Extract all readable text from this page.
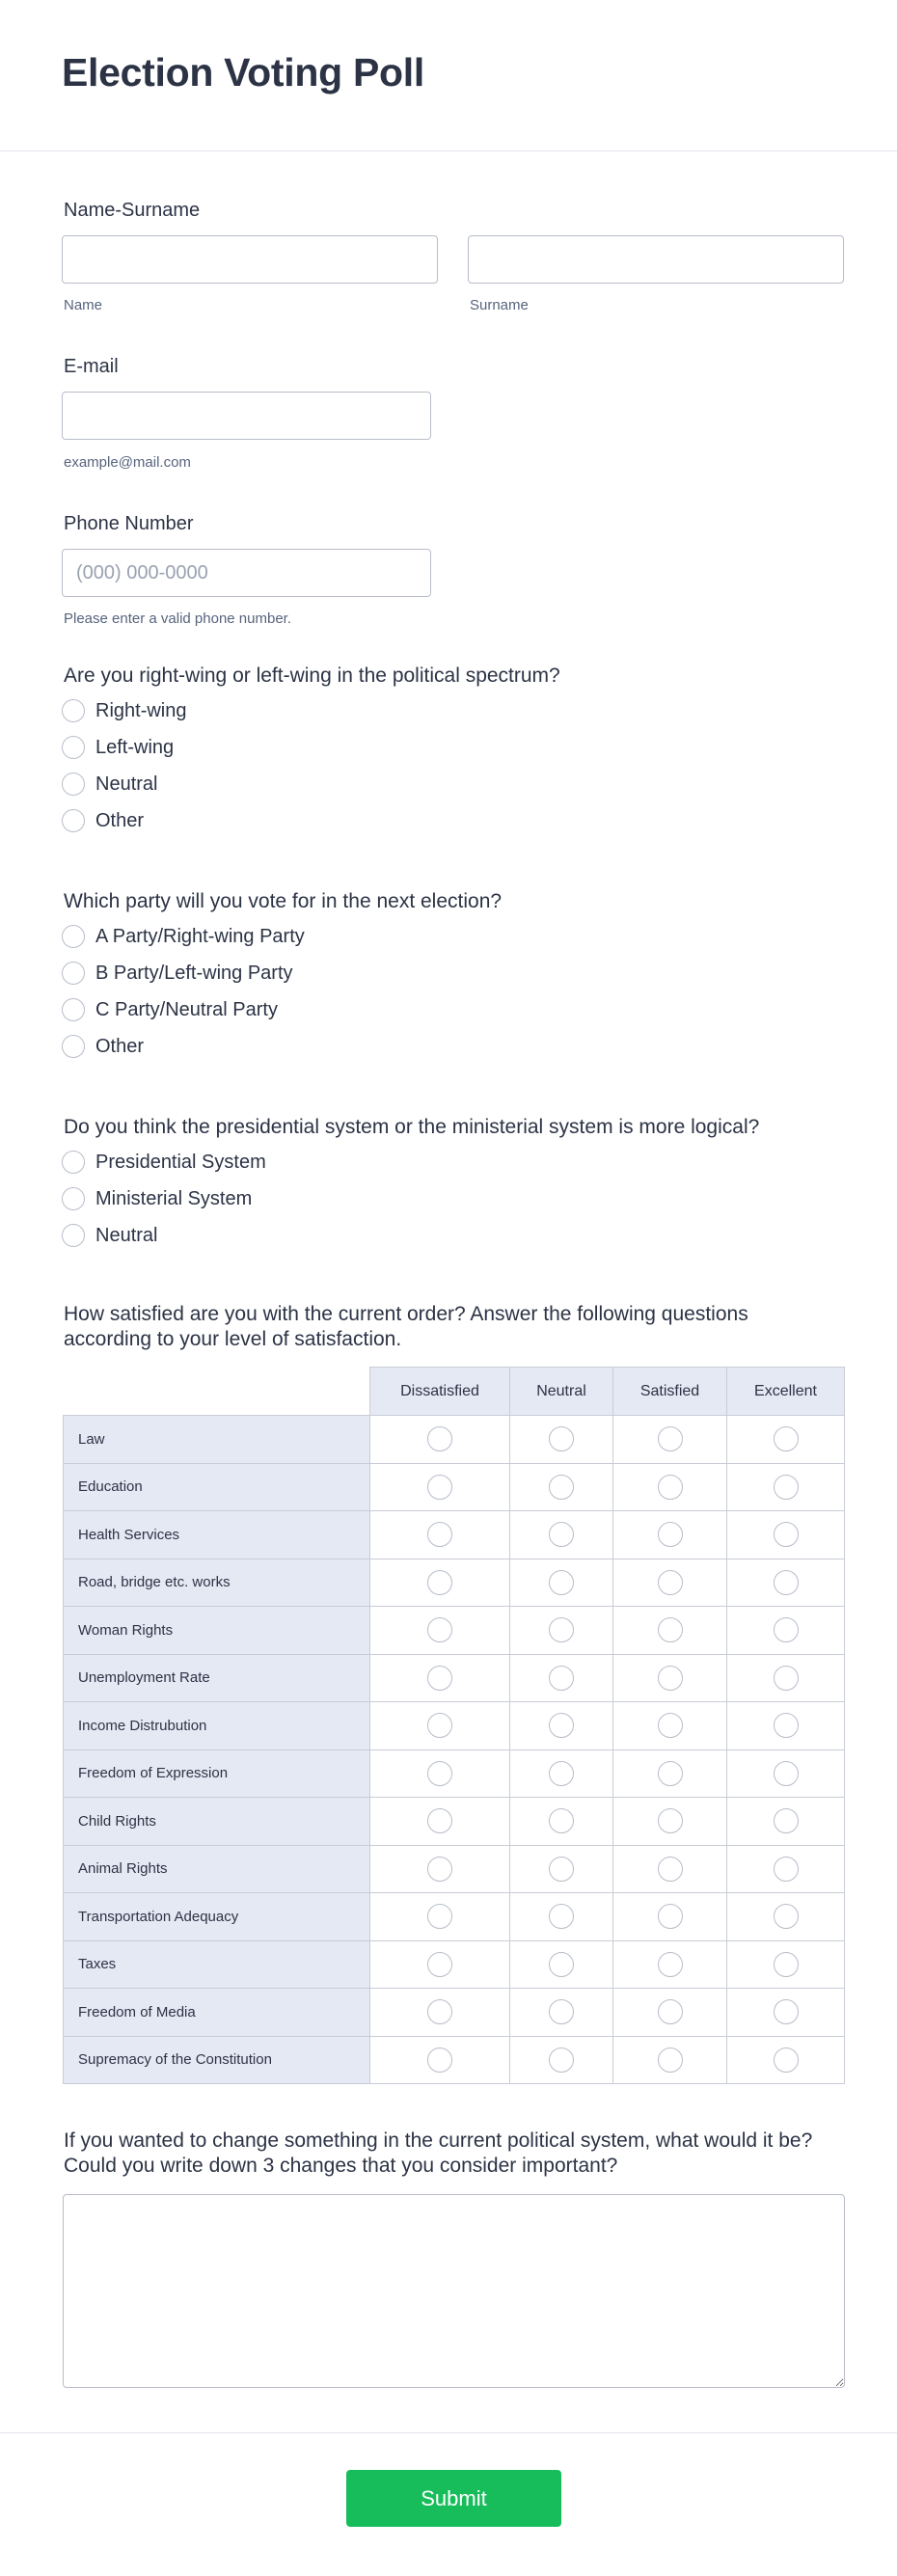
Election Voting Poll
Name-Surname
Name	Surname
E-mail
example@mail.com
Phone Number
(000) 000-0000
Please enter a valid phone number.
Are you right-wing or left-wing in the political spectrum?
Right-wing
Left-wing
Neutral
Other
Which party will you vote for in the next election?
A Party/Right-wing Party
B Party/Left-wing Party
C Party/Neutral Party
Other
Do you think the presidential system or the ministerial system is more logical?
Presidential System
Ministerial System
Neutral
How satisfied are you with the current order? Answer the following questions according to your level of satisfaction.
	Dissatisfied	Neutral	Satisfied	Excellent
Law				
Education				
Health Services				
Road, bridge etc. works				
Woman Rights				
Unemployment Rate				
Income Distrubution				
Freedom of Expression				
Child Rights				
Animal Rights				
Transportation Adequacy				
Taxes				
Freedom of Media				
Supremacy of the Constitution				
If you wanted to change something in the current political system, what would it be? Could you write down 3 changes that you consider important?
Submit
